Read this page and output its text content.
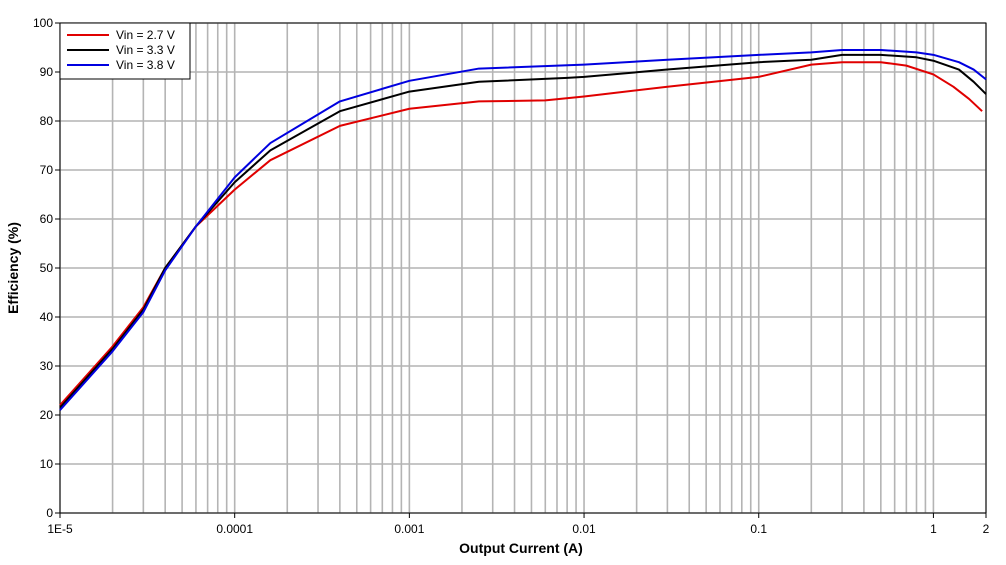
0
10
20
30
40
50
60
70
80
90
100
1E-5	0.0001	0.001	0.01	0.1	1	2
Vin = 2.7 V
Vin = 3.3 V
Vin = 3.8 V
Output Current (A)
Efficiency (%)
